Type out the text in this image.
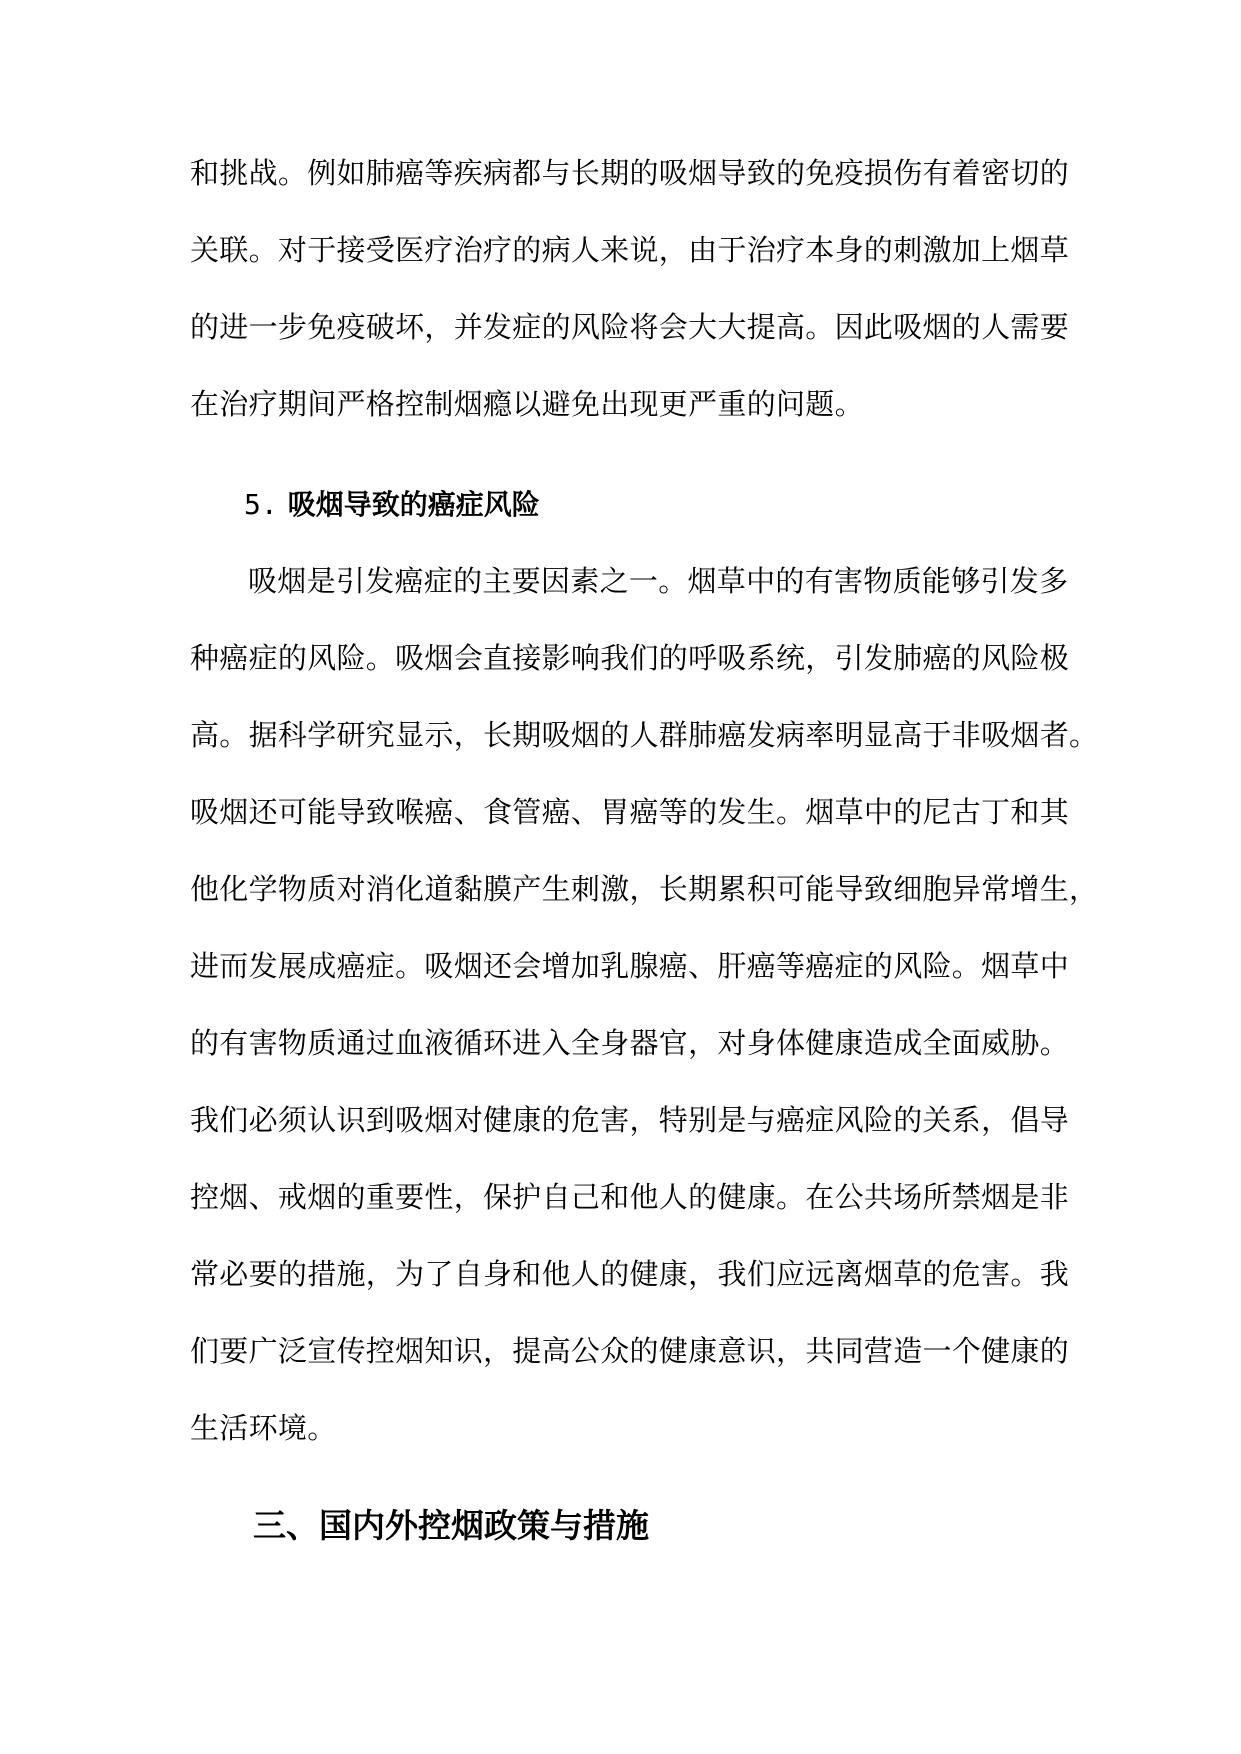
和挑战。例如肺癌等疾病都与长期的吸烟导致的免疫损伤有着密切的

关联。对于接受医疗治疗的病人来说，由于治疗本身的刺激加上烟草

的进一步免疫破坏，并发症的风险将会大大提高。因此吸烟的人需要

在治疗期间严格控制烟瘾以避免出现更严重的问题。

5. 吸烟导致的癌症风险

吸烟是引发癌症的主要因素之一。烟草中的有害物质能够引发多

种癌症的风险。吸烟会直接影响我们的呼吸系统，引发肺癌的风险极

高。据科学研究显示，长期吸烟的人群肺癌发病率明显高于非吸烟者。

吸烟还可能导致喉癌、食管癌、胃癌等的发生。烟草中的尼古丁和其

他化学物质对消化道黏膜产生刺激，长期累积可能导致细胞异常增生，

进而发展成癌症。吸烟还会增加乳腺癌、肝癌等癌症的风险。烟草中

的有害物质通过血液循环进入全身器官，对身体健康造成全面威胁。

我们必须认识到吸烟对健康的危害，特别是与癌症风险的关系，倡导

控烟、戒烟的重要性，保护自己和他人的健康。在公共场所禁烟是非

常必要的措施，为了自身和他人的健康，我们应远离烟草的危害。我

们要广泛宣传控烟知识，提高公众的健康意识，共同营造一个健康的

生活环境。

三、国内外控烟政策与措施
